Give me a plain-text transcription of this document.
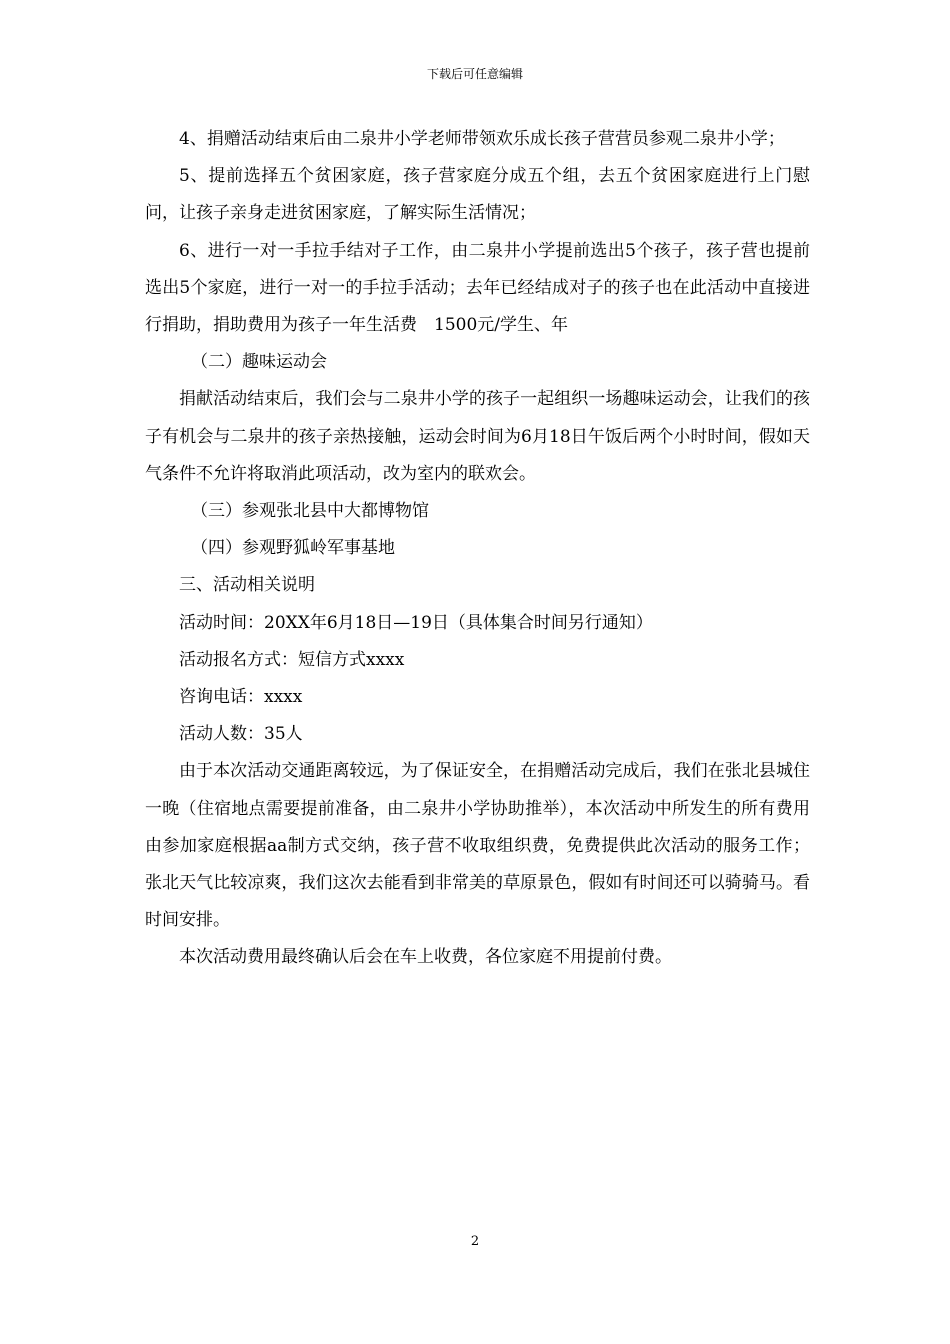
下载后可任意编辑

4、捐赠活动结束后由二泉井小学老师带领欢乐成长孩子营营员参观二泉井小学；

5、提前选择五个贫困家庭，孩子营家庭分成五个组，去五个贫困家庭进行上门慰问，让孩子亲身走进贫困家庭，了解实际生活情况；

6、进行一对一手拉手结对子工作，由二泉井小学提前选出5个孩子，孩子营也提前选出5个家庭，进行一对一的手拉手活动；去年已经结成对子的孩子也在此活动中直接进行捐助，捐助费用为孩子一年生活费　1500元/学生、年

（二）趣味运动会

捐献活动结束后，我们会与二泉井小学的孩子一起组织一场趣味运动会，让我们的孩子有机会与二泉井的孩子亲热接触，运动会时间为6月18日午饭后两个小时时间，假如天气条件不允许将取消此项活动，改为室内的联欢会。

（三）参观张北县中大都博物馆

（四）参观野狐岭军事基地

三、活动相关说明

活动时间：20XX年6月18日—19日（具体集合时间另行通知）

活动报名方式：短信方式xxxx

咨询电话：xxxx

活动人数：35人

由于本次活动交通距离较远，为了保证安全，在捐赠活动完成后，我们在张北县城住一晚（住宿地点需要提前准备，由二泉井小学协助推举），本次活动中所发生的所有费用由参加家庭根据aa制方式交纳，孩子营不收取组织费，免费提供此次活动的服务工作；张北天气比较凉爽，我们这次去能看到非常美的草原景色，假如有时间还可以骑骑马。看时间安排。

本次活动费用最终确认后会在车上收费，各位家庭不用提前付费。

2
